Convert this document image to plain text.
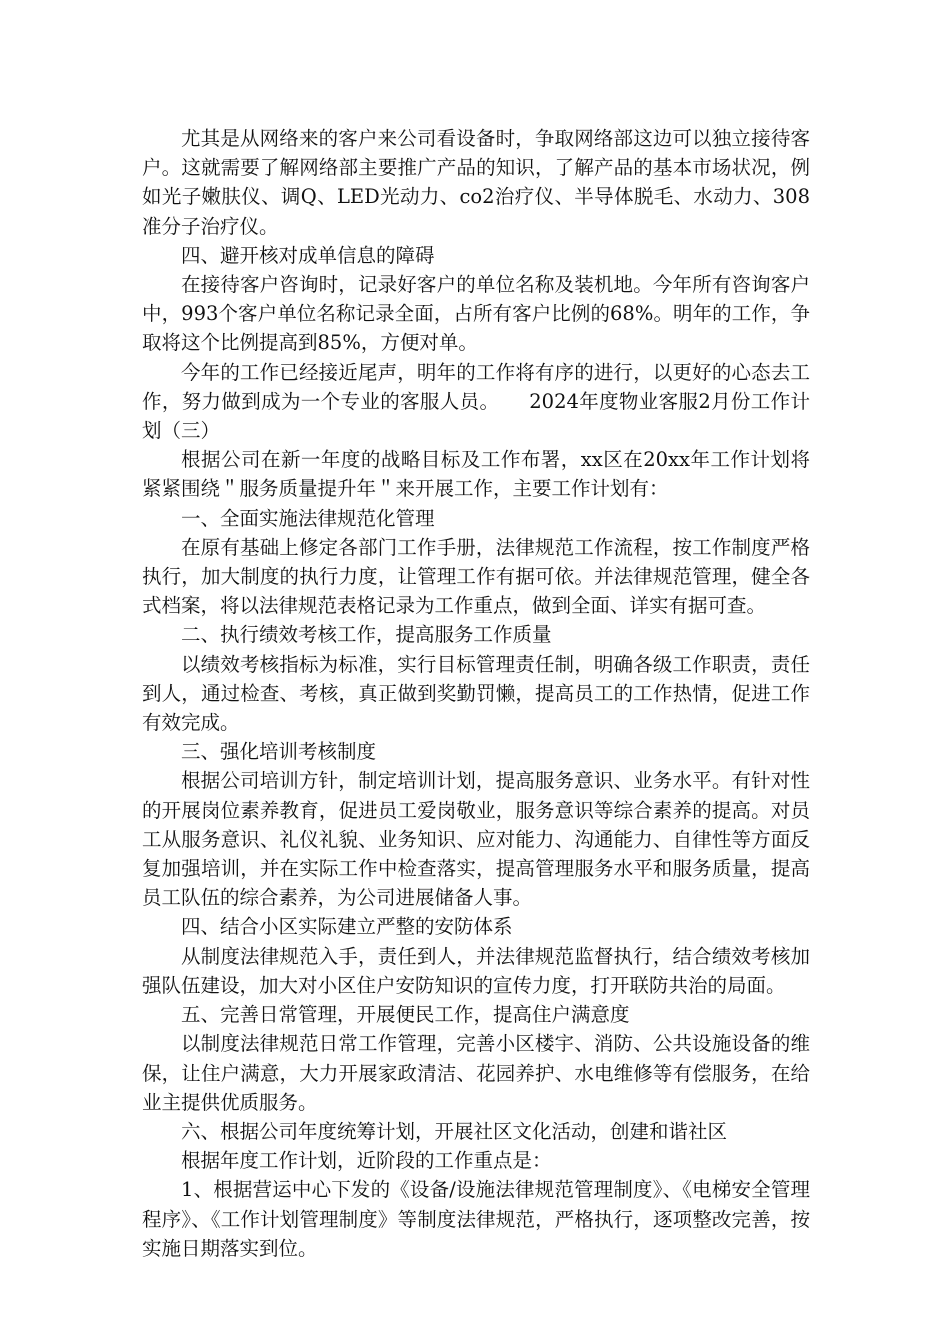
尤其是从网络来的客户来公司看设备时，争取网络部这边可以独立接待客户。这就需要了解网络部主要推广产品的知识，了解产品的基本市场状况，例如光子嫩肤仪、调Q、LED光动力、co2治疗仪、半导体脱毛、水动力、308准分子治疗仪。

四、避开核对成单信息的障碍

在接待客户咨询时，记录好客户的单位名称及装机地。今年所有咨询客户中，993个客户单位名称记录全面，占所有客户比例的68%。明年的工作，争取将这个比例提高到85%，方便对单。

今年的工作已经接近尾声，明年的工作将有序的进行，以更好的心态去工作，努力做到成为一个专业的客服人员。　　2024年度物业客服2月份工作计划（三）

根据公司在新一年度的战略目标及工作布署，xx区在20xx年工作计划将紧紧围绕＂服务质量提升年＂来开展工作，主要工作计划有：

一、全面实施法律规范化管理

在原有基础上修定各部门工作手册，法律规范工作流程，按工作制度严格执行，加大制度的执行力度，让管理工作有据可依。并法律规范管理，健全各式档案，将以法律规范表格记录为工作重点，做到全面、详实有据可查。

二、执行绩效考核工作，提高服务工作质量

以绩效考核指标为标准，实行目标管理责任制，明确各级工作职责，责任到人，通过检查、考核，真正做到奖勤罚懒，提高员工的工作热情，促进工作有效完成。

三、强化培训考核制度

根据公司培训方针，制定培训计划，提高服务意识、业务水平。有针对性的开展岗位素养教育，促进员工爱岗敬业，服务意识等综合素养的提高。对员工从服务意识、礼仪礼貌、业务知识、应对能力、沟通能力、自律性等方面反复加强培训，并在实际工作中检查落实，提高管理服务水平和服务质量，提高员工队伍的综合素养，为公司进展储备人事。

四、结合小区实际建立严整的安防体系

从制度法律规范入手，责任到人，并法律规范监督执行，结合绩效考核加强队伍建设，加大对小区住户安防知识的宣传力度，打开联防共治的局面。

五、完善日常管理，开展便民工作，提高住户满意度

以制度法律规范日常工作管理，完善小区楼宇、消防、公共设施设备的维保，让住户满意，大力开展家政清洁、花园养护、水电维修等有偿服务，在给业主提供优质服务。

六、根据公司年度统筹计划，开展社区文化活动，创建和谐社区

根据年度工作计划，近阶段的工作重点是：

1、根据营运中心下发的《设备/设施法律规范管理制度》、《电梯安全管理程序》、《工作计划管理制度》等制度法律规范，严格执行，逐项整改完善，按实施日期落实到位。
